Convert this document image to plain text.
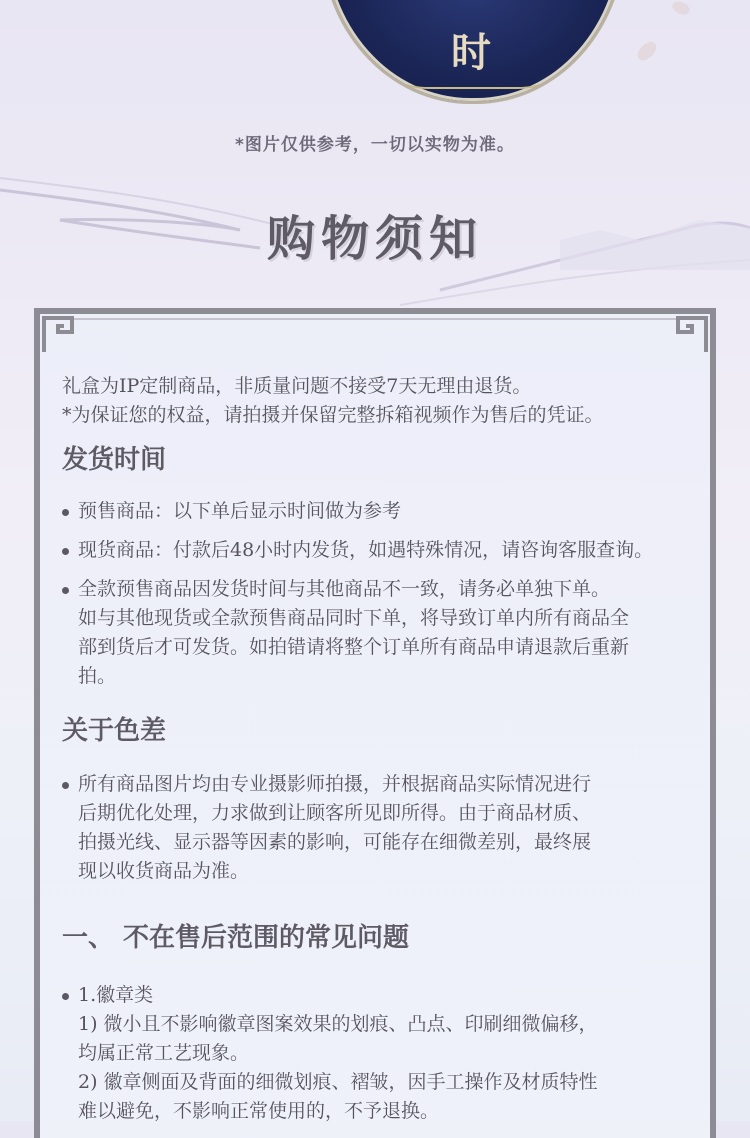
时
*图片仅供参考，一切以实物为准。
购物须知

礼盒为IP定制商品，非质量问题不接受7天无理由退货。

*为保证您的权益，请拍摄并保留完整拆箱视频作为售后的凭证。

发货时间
预售商品：以下单后显示时间做为参考
现货商品：付款后48小时内发货，如遇特殊情况，请咨询客服查询。
全款预售商品因发货时间与其他商品不一致，请务必单独下单。
如与其他现货或全款预售商品同时下单，将导致订单内所有商品全
部到货后才可发货。如拍错请将整个订单所有商品申请退款后重新
拍。
关于色差
所有商品图片均由专业摄影师拍摄，并根据商品实际情况进行
后期优化处理，力求做到让顾客所见即所得。由于商品材质、
拍摄光线、显示器等因素的影响，可能存在细微差别，最终展
现以收货商品为准。
一、 不在售后范围的常见问题
1.徽章类
1) 微小且不影响徽章图案效果的划痕、凸点、印刷细微偏移，
均属正常工艺现象。
2) 徽章侧面及背面的细微划痕、褶皱，因手工操作及材质特性
难以避免，不影响正常使用的，不予退换。
